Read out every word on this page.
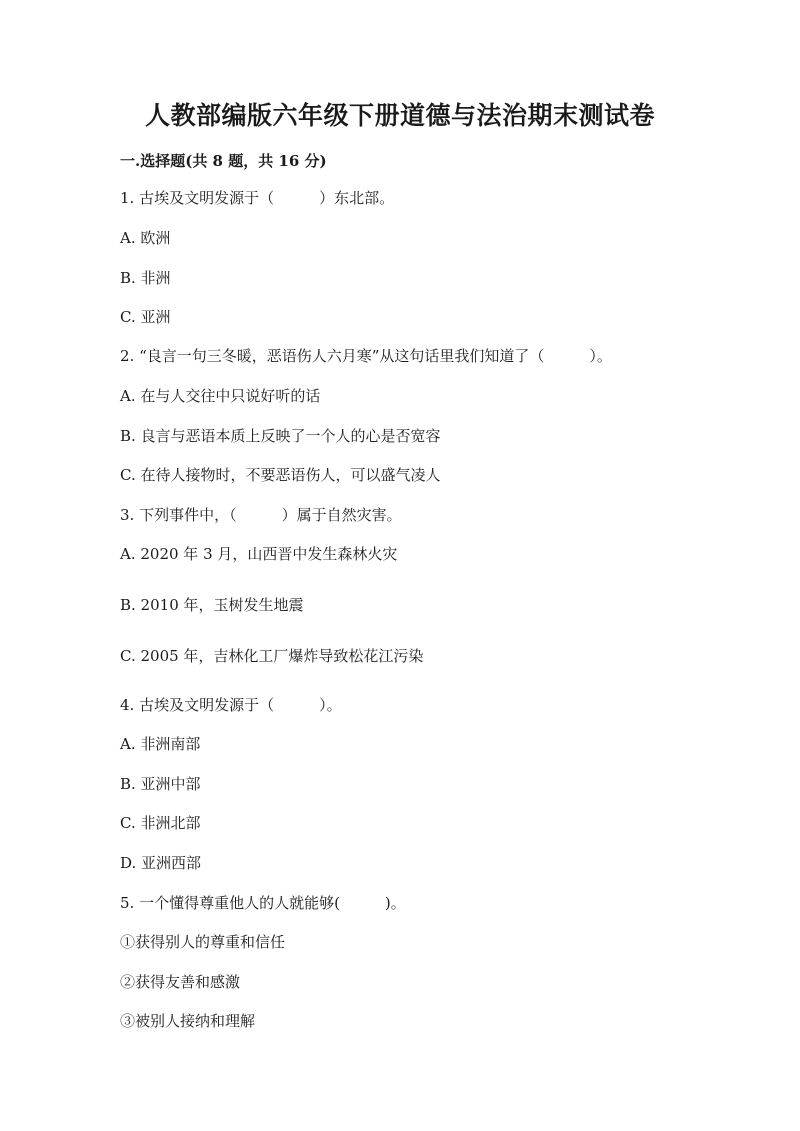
人教部编版六年级下册道德与法治期末测试卷
一.选择题(共 8 题，共 16 分)
1. 古埃及文明发源于（　　　）东北部。
A. 欧洲
B. 非洲
C. 亚洲
2. “良言一句三冬暖，恶语伤人六月寒”从这句话里我们知道了（　　　）。
A. 在与人交往中只说好听的话
B. 良言与恶语本质上反映了一个人的心是否宽容
C. 在待人接物时，不要恶语伤人，可以盛气凌人
3. 下列事件中，（　　　）属于自然灾害。
A. 2020 年 3 月，山西晋中发生森林火灾
B. 2010 年，玉树发生地震
C. 2005 年，吉林化工厂爆炸导致松花江污染
4. 古埃及文明发源于（　　　）。
A. 非洲南部
B. 亚洲中部
C. 非洲北部
D. 亚洲西部
5. 一个懂得尊重他人的人就能够(　　　)。
①获得别人的尊重和信任
②获得友善和感激
③被别人接纳和理解
